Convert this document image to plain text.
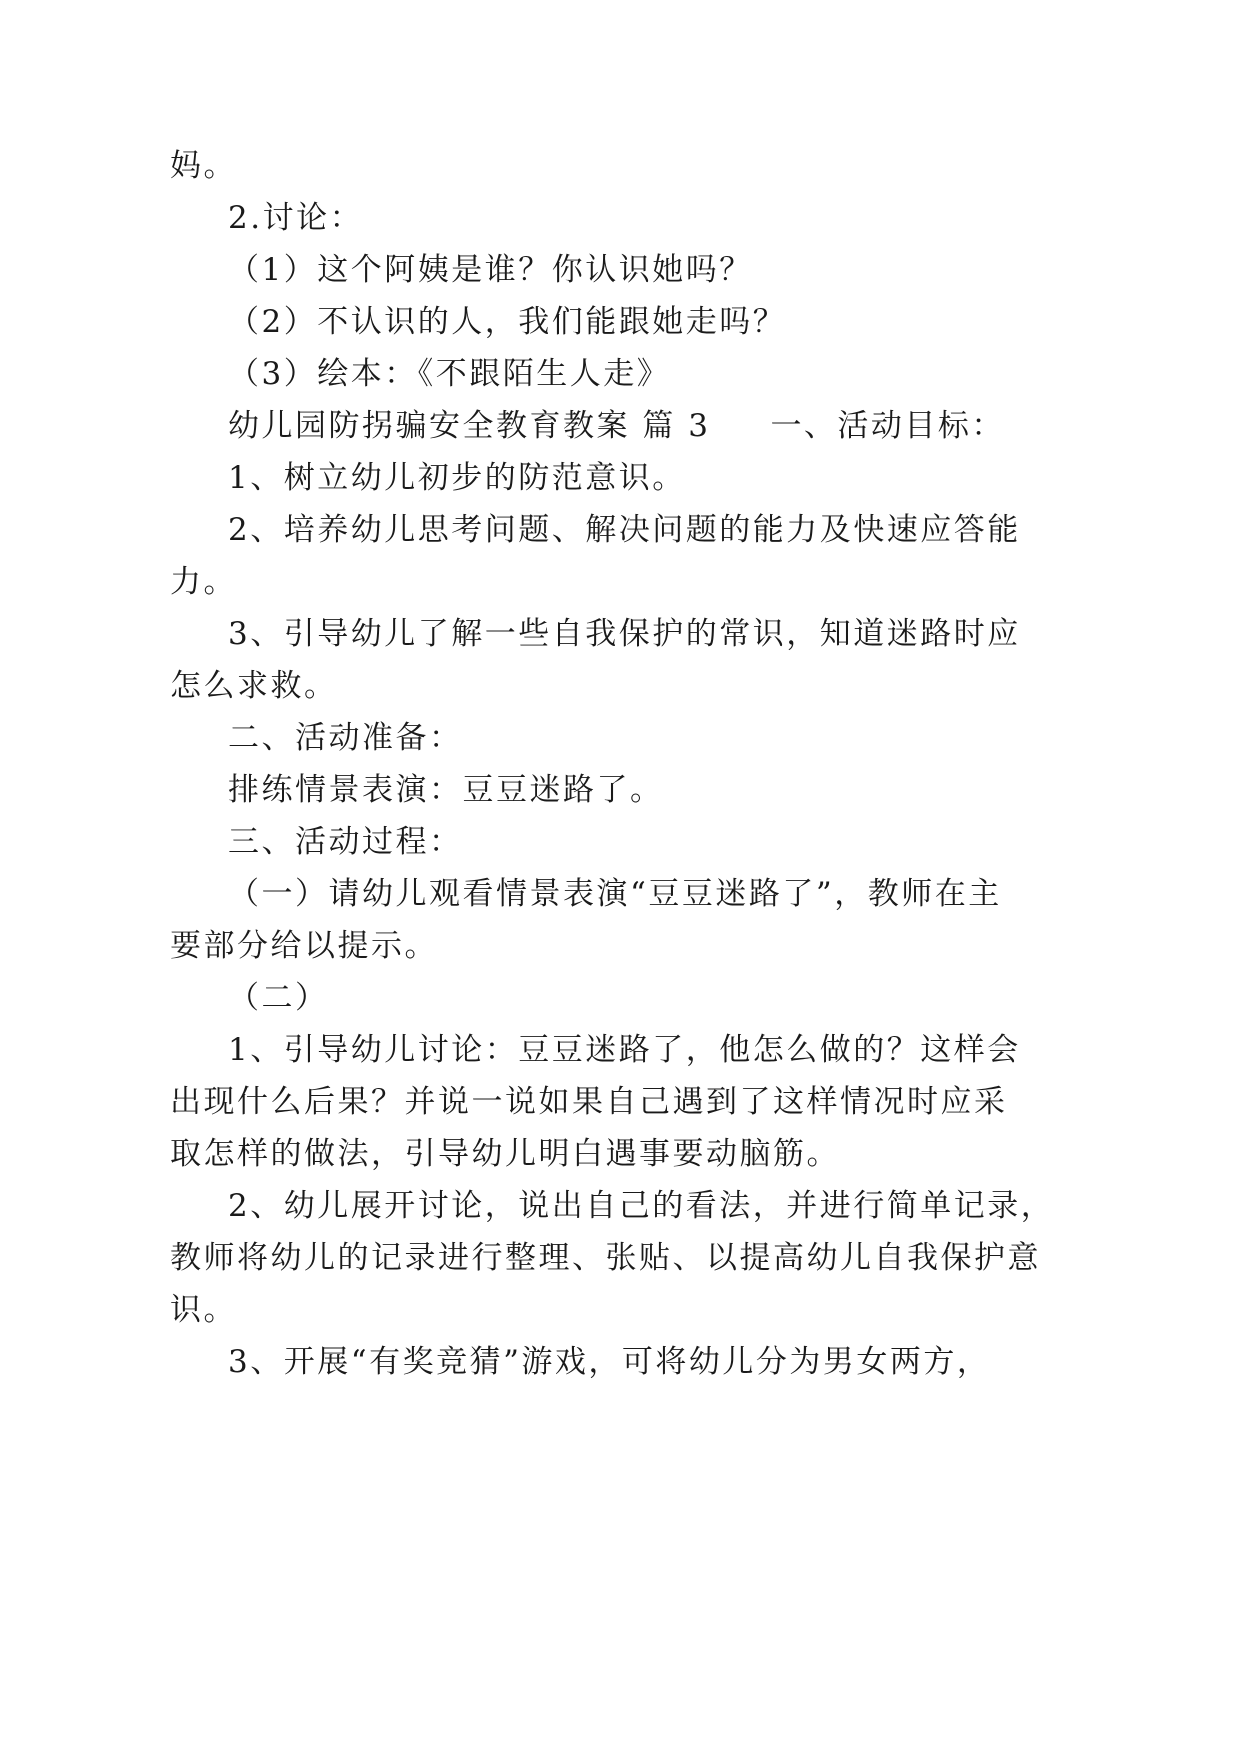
妈。
2.讨论：
（1）这个阿姨是谁？你认识她吗？
（2）不认识的人，我们能跟她走吗？
（3）绘本：《不跟陌生人走》
幼儿园防拐骗安全教育教案 篇 3 一、活动目标：
1、树立幼儿初步的防范意识。
2、培养幼儿思考问题、解决问题的能力及快速应答能
力。
3、引导幼儿了解一些自我保护的常识，知道迷路时应
怎么求救。
二、活动准备：
排练情景表演：豆豆迷路了。
三、活动过程：
（一）请幼儿观看情景表演“豆豆迷路了”，教师在主
要部分给以提示。
（二）
1、引导幼儿讨论：豆豆迷路了，他怎么做的？这样会
出现什么后果？并说一说如果自己遇到了这样情况时应采
取怎样的做法，引导幼儿明白遇事要动脑筋。
2、幼儿展开讨论，说出自己的看法，并进行简单记录，
教师将幼儿的记录进行整理、张贴、以提高幼儿自我保护意
识。
3、开展“有奖竞猜”游戏，可将幼儿分为男女两方，
